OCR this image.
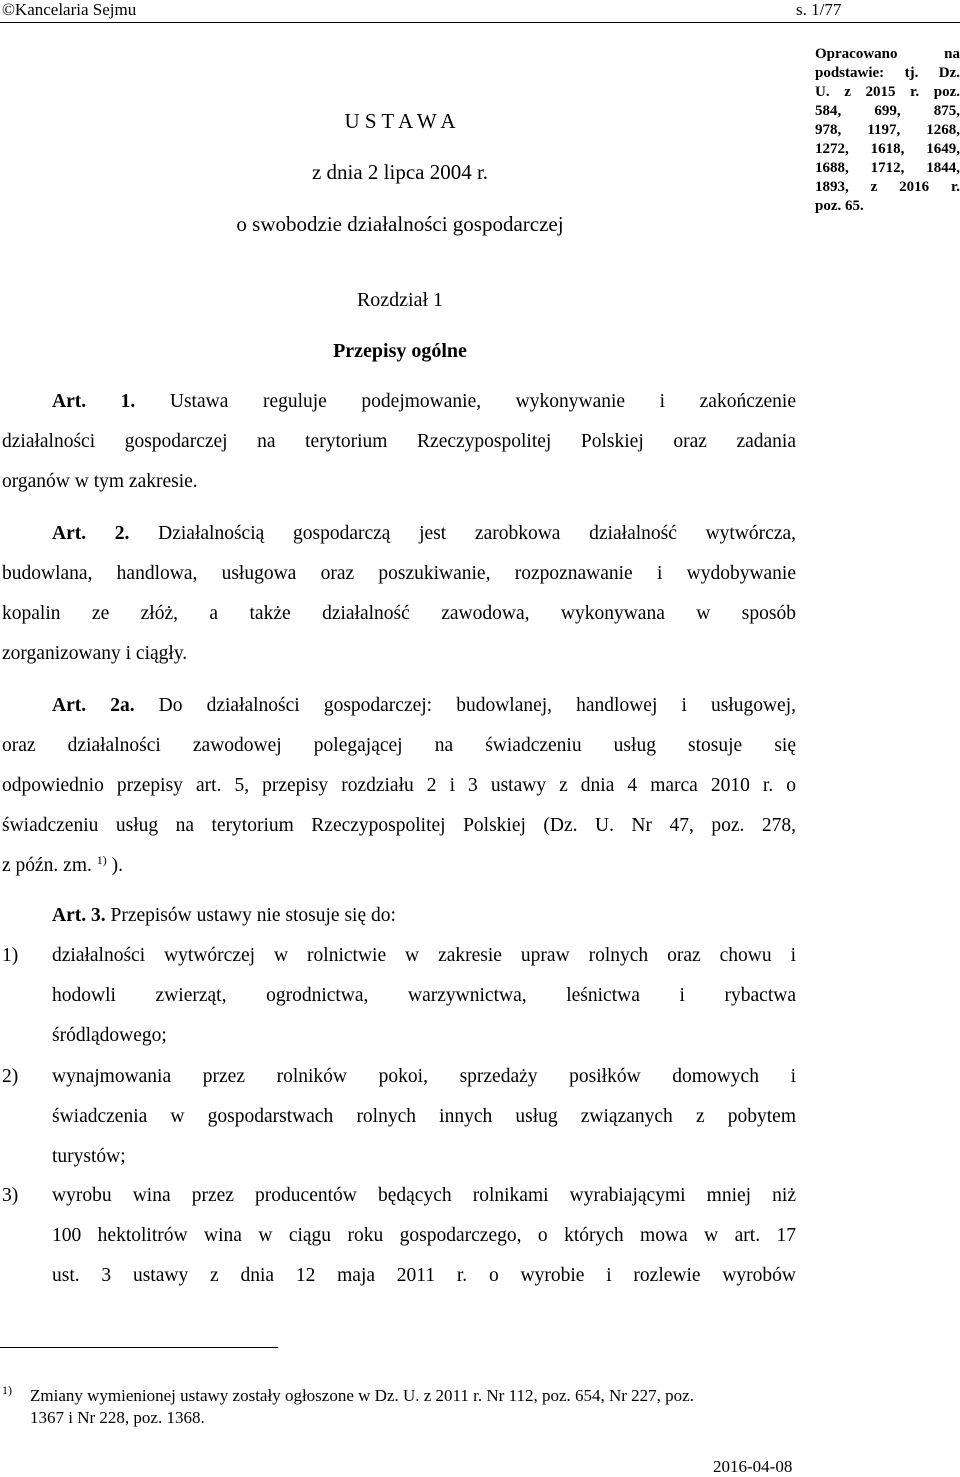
©Kancelaria Sejmu	s. 1/77
U S T A W A
z dnia 2 lipca 2004 r.
o swobodzie działalności gospodarczej
Opracowano na
podstawie: tj. Dz.
U. z 2015 r. poz.
584, 699, 875,
978, 1197, 1268,
1272, 1618, 1649,
1688, 1712, 1844,
1893, z 2016 r.
poz. 65.
Rozdział 1
Przepisy ogólne
Art. 1. Ustawa reguluje podejmowanie, wykonywanie i zakończenie
działalności gospodarczej na terytorium Rzeczypospolitej Polskiej oraz zadania
organów w tym zakresie.
Art. 2. Działalnością gospodarczą jest zarobkowa działalność wytwórcza,
budowlana, handlowa, usługowa oraz poszukiwanie, rozpoznawanie i wydobywanie
kopalin ze złóż, a także działalność zawodowa, wykonywana w sposób
zorganizowany i ciągły.
Art. 2a. Do działalności gospodarczej: budowlanej, handlowej i usługowej,
oraz działalności zawodowej polegającej na świadczeniu usług stosuje się
odpowiednio przepisy art. 5, przepisy rozdziału 2 i 3 ustawy z dnia 4 marca 2010 r. o
świadczeniu usług na terytorium Rzeczypospolitej Polskiej (Dz. U. Nr 47, poz. 278,
z późn. zm. $^{1)}$ ).
Art. 3. Przepisów ustawy nie stosuje się do:
1) działalności wytwórczej w rolnictwie w zakresie upraw rolnych oraz chowu i
hodowli zwierząt, ogrodnictwa, warzywnictwa, leśnictwa i rybactwa
śródlądowego;
2) wynajmowania przez rolników pokoi, sprzedaży posiłków domowych i
świadczenia w gospodarstwach rolnych innych usług związanych z pobytem
turystów;
3) wyrobu wina przez producentów będących rolnikami wyrabiającymi mniej niż
100 hektolitrów wina w ciągu roku gospodarczego, o których mowa w art. 17
ust. 3 ustawy z dnia 12 maja 2011 r. o wyrobie i rozlewie wyrobów
1) Zmiany wymienionej ustawy zostały ogłoszone w Dz. U. z 2011 r. Nr 112, poz. 654, Nr 227, poz.
1367 i Nr 228, poz. 1368.
2016-04-08
